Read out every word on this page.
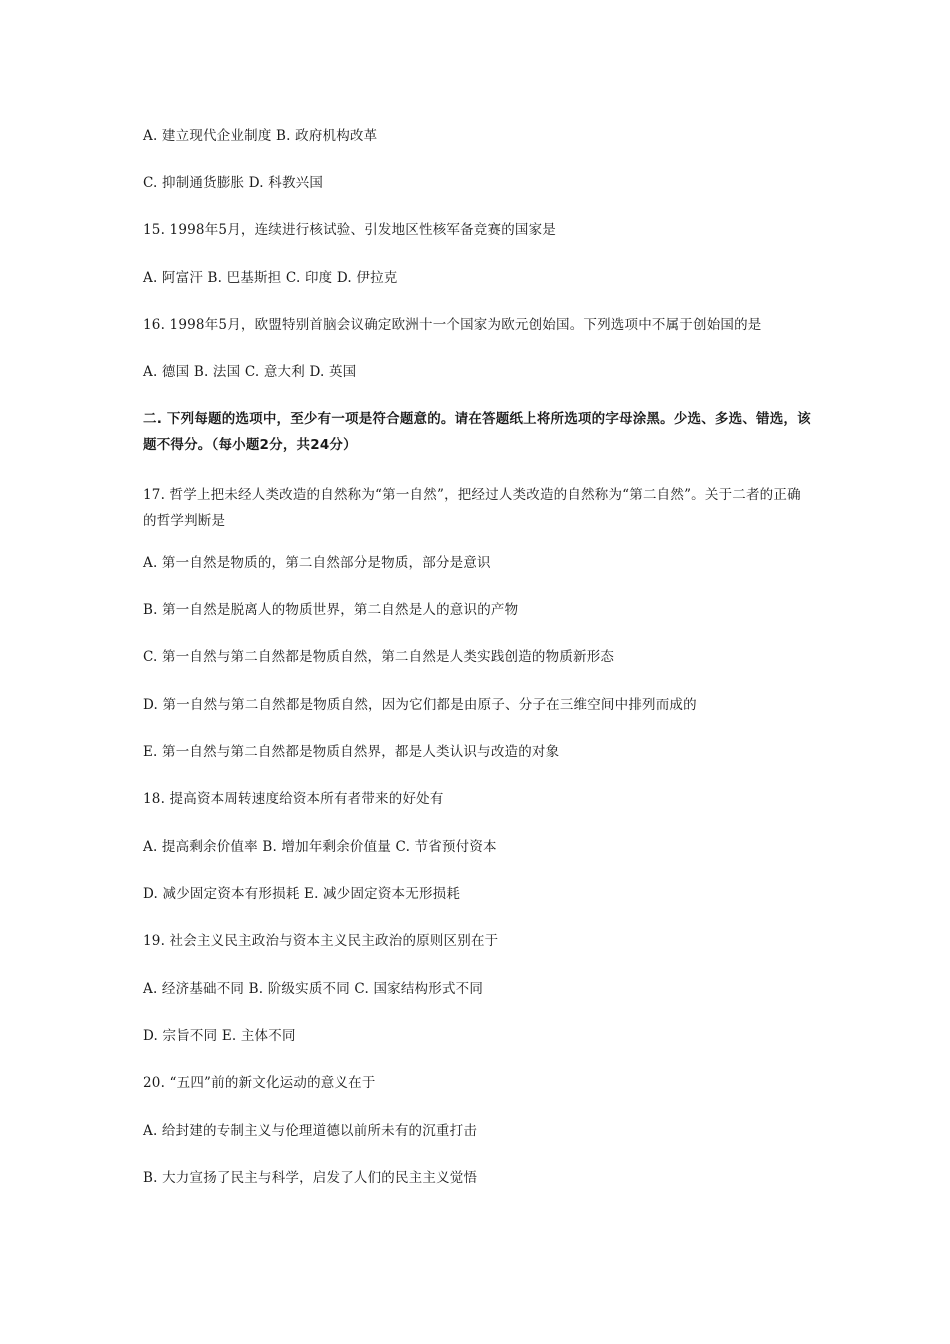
A. 建立现代企业制度 B. 政府机构改革
C. 抑制通货膨胀 D. 科教兴国
15. 1998年5月，连续进行核试验、引发地区性核军备竞赛的国家是
A. 阿富汗 B. 巴基斯担 C. 印度 D. 伊拉克
16. 1998年5月，欧盟特别首脑会议确定欧洲十一个国家为欧元创始国。下列选项中不属于创始国的是
A. 德国 B. 法国 C. 意大利 D. 英国
二. 下列每题的选项中，至少有一项是符合题意的。请在答题纸上将所选项的字母涂黑。少选、多选、错选，该题不得分。（每小题2分，共24分）
17. 哲学上把未经人类改造的自然称为“第一自然”，把经过人类改造的自然称为“第二自然”。关于二者的正确的哲学判断是
A. 第一自然是物质的，第二自然部分是物质，部分是意识
B. 第一自然是脱离人的物质世界，第二自然是人的意识的产物
C. 第一自然与第二自然都是物质自然，第二自然是人类实践创造的物质新形态
D. 第一自然与第二自然都是物质自然，因为它们都是由原子、分子在三维空间中排列而成的
E. 第一自然与第二自然都是物质自然界，都是人类认识与改造的对象
18. 提高资本周转速度给资本所有者带来的好处有
A. 提高剩余价值率 B. 增加年剩余价值量 C. 节省预付资本
D. 减少固定资本有形损耗 E. 减少固定资本无形损耗
19. 社会主义民主政治与资本主义民主政治的原则区别在于
A. 经济基础不同 B. 阶级实质不同 C. 国家结构形式不同
D. 宗旨不同 E. 主体不同
20. “五四”前的新文化运动的意义在于
A. 给封建的专制主义与伦理道德以前所未有的沉重打击
B. 大力宣扬了民主与科学，启发了人们的民主主义觉悟
